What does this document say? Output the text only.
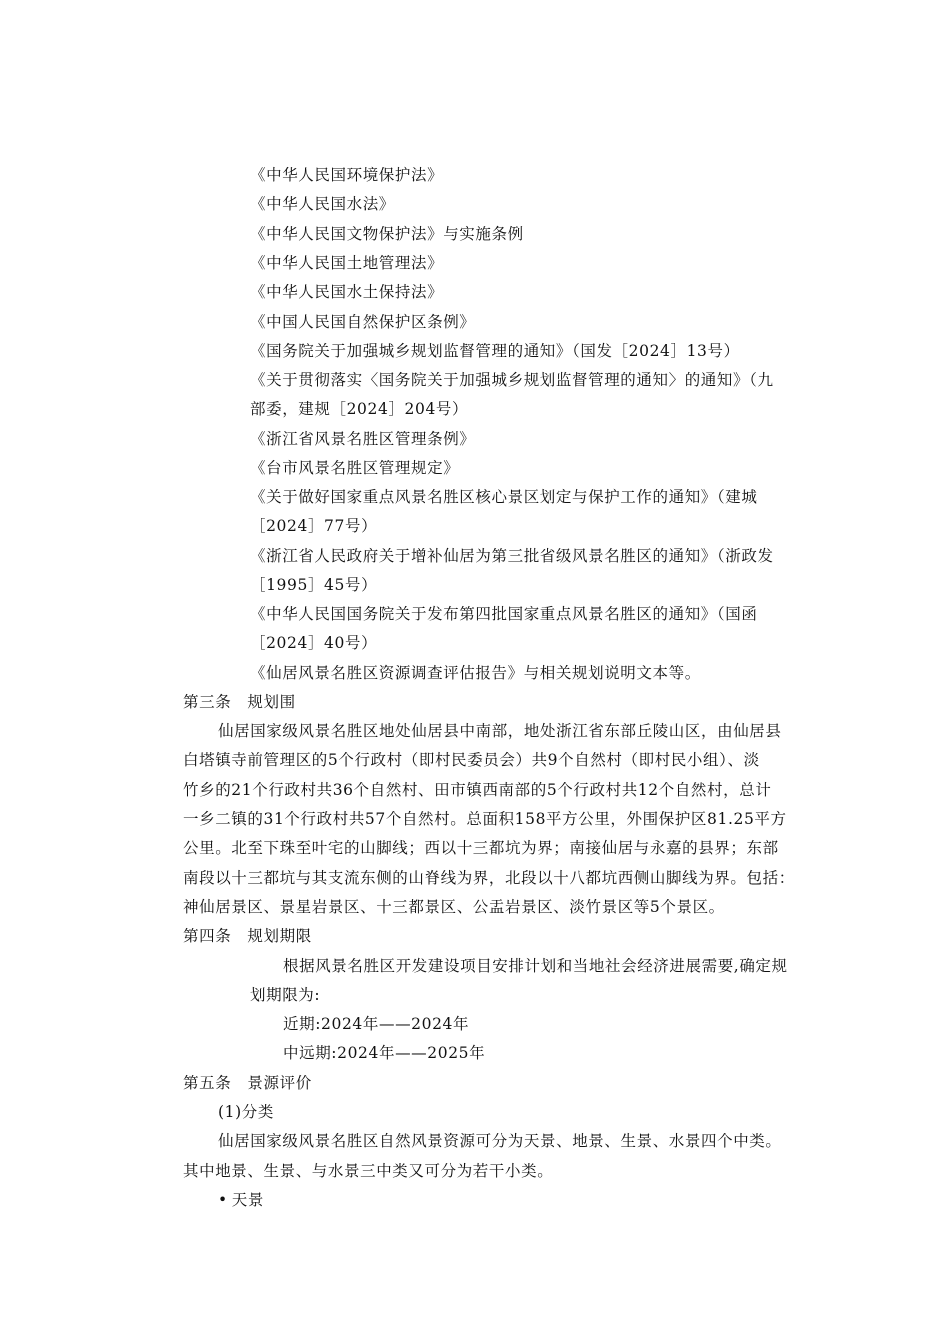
《中华人民国环境保护法》
《中华人民国水法》
《中华人民国文物保护法》与实施条例
《中华人民国土地管理法》
《中华人民国水土保持法》
《中国人民国自然保护区条例》
《国务院关于加强城乡规划监督管理的通知》（国发［2024］13号）
《关于贯彻落实〈国务院关于加强城乡规划监督管理的通知〉的通知》（九
部委，建规［2024］204号）
《浙江省风景名胜区管理条例》
《台市风景名胜区管理规定》
《关于做好国家重点风景名胜区核心景区划定与保护工作的通知》（建城
［2024］77号）
《浙江省人民政府关于增补仙居为第三批省级风景名胜区的通知》（浙政发
［1995］45号）
《中华人民国国务院关于发布第四批国家重点风景名胜区的通知》（国函
［2024］40号）
《仙居风景名胜区资源调查评估报告》与相关规划说明文本等。
第三条　规划围
仙居国家级风景名胜区地处仙居县中南部，地处浙江省东部丘陵山区，由仙居县
白塔镇寺前管理区的5个行政村（即村民委员会）共9个自然村（即村民小组）、淡
竹乡的21个行政村共36个自然村、田市镇西南部的5个行政村共12个自然村，总计
一乡二镇的31个行政村共57个自然村。总面积158平方公里，外围保护区81.25平方
公里。北至下珠至叶宅的山脚线；西以十三都坑为界；南接仙居与永嘉的县界；东部
南段以十三都坑与其支流东侧的山脊线为界，北段以十八都坑西侧山脚线为界。包括：
神仙居景区、景星岩景区、十三都景区、公盂岩景区、淡竹景区等5个景区。
第四条　规划期限
根据风景名胜区开发建设项目安排计划和当地社会经济进展需要,确定规
划期限为:
近期:2024年——2024年
中远期:2024年——2025年
第五条　景源评价
(1)分类
仙居国家级风景名胜区自然风景资源可分为天景、地景、生景、水景四个中类。
其中地景、生景、与水景三中类又可分为若干小类。
• 天景
